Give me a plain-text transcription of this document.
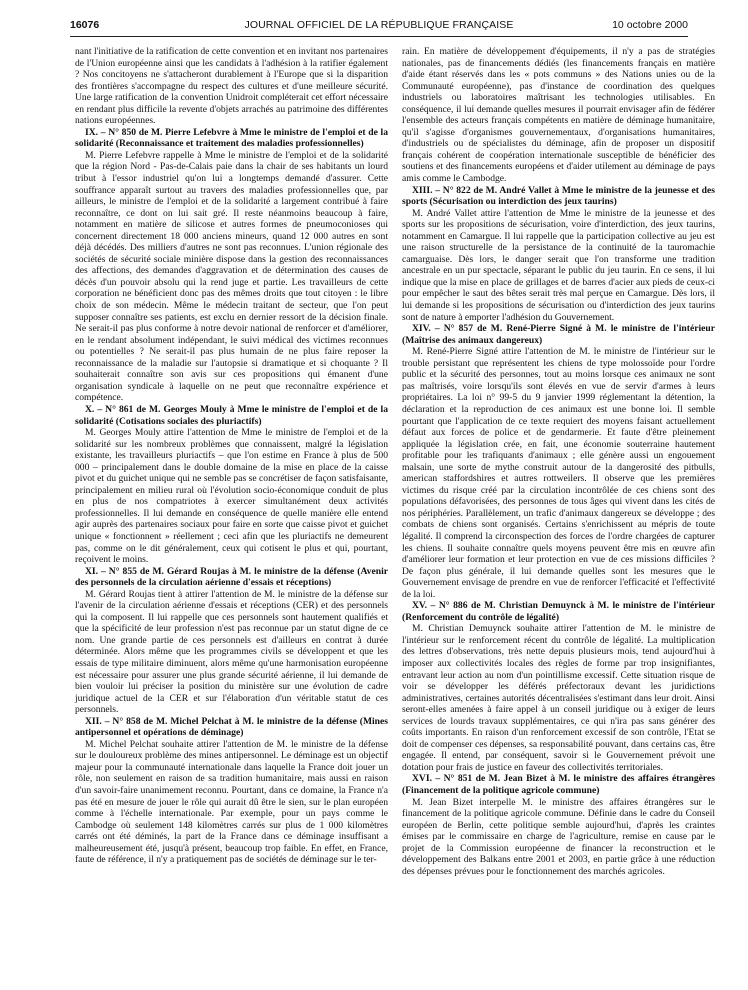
16076	JOURNAL OFFICIEL DE LA RÉPUBLIQUE FRANÇAISE	10 octobre 2000

nant l'initiative de la ratification de cette convention et en invitant nos partenaires de l'Union européenne ainsi que les candidats à l'adhésion à la ratifier également ? Nos concitoyens ne s'attacheront durablement à l'Europe que si la disparition des frontières s'accompagne du respect des cultures et d'une meilleure sécurité. Une large ratification de la convention Unidroit compléterait cet effort nécessaire en rendant plus difficile la revente d'objets arrachés au patrimoine des différentes nations européennes.

IX. – N° 850 de M. Pierre Lefebvre à Mme le ministre de l'emploi et de la solidarité (Reconnaissance et traitement des maladies professionnelles)

M. Pierre Lefebvre rappelle à Mme le ministre de l'emploi et de la solidarité que la région Nord - Pas-de-Calais paie dans la chair de ses habitants un lourd tribut à l'essor industriel qu'on lui a longtemps demandé d'assurer. Cette souffrance apparaît surtout au travers des maladies professionnelles que, par ailleurs, le ministre de l'emploi et de la solidarité a largement contribué à faire reconnaître, ce dont on lui sait gré. Il reste néanmoins beaucoup à faire, notamment en matière de silicose et autres formes de pneumoconioses qui concernent directement 18 000 anciens mineurs, quand 12 000 autres en sont déjà décédés. Des milliers d'autres ne sont pas reconnues. L'union régionale des sociétés de sécurité sociale minière dispose dans la gestion des reconnaissances des affections, des demandes d'aggravation et de détermination des causes de décès d'un pouvoir absolu qui la rend juge et partie. Les travailleurs de cette corporation ne bénéficient donc pas des mêmes droits que tout citoyen : le libre choix de son médecin. Même le médecin traitant de secteur, que l'on peut supposer connaître ses patients, est exclu en dernier ressort de la décision finale. Ne serait-il pas plus conforme à notre devoir national de renforcer et d'améliorer, en le rendant absolument indépendant, le suivi médical des victimes reconnues ou potentielles ? Ne serait-il pas plus humain de ne plus faire reposer la reconnaissance de la maladie sur l'autopsie si dramatique et si choquante ? Il souhaiterait connaître son avis sur ces propositions qui émanent d'une organisation syndicale à laquelle on ne peut que reconnaître expérience et compétence.

X. – N° 861 de M. Georges Mouly à Mme le ministre de l'emploi et de la solidarité (Cotisations sociales des pluriactifs)

M. Georges Mouly attire l'attention de Mme le ministre de l'emploi et de la solidarité sur les nombreux problèmes que connaissent, malgré la législation existante, les travailleurs pluriactifs – que l'on estime en France à plus de 500 000 – principalement dans le double domaine de la mise en place de la caisse pivot et du guichet unique qui ne semble pas se concrétiser de façon satisfaisante, principalement en milieu rural où l'évolution socio-économique conduit de plus en plus de nos compatriotes à exercer simultanément deux activités professionnelles. Il lui demande en conséquence de quelle manière elle entend agir auprès des partenaires sociaux pour faire en sorte que caisse pivot et guichet unique « fonctionnent » réellement ; ceci afin que les pluriactifs ne demeurent pas, comme on le dit généralement, ceux qui cotisent le plus et qui, pourtant, reçoivent le moins.

XI. – N° 855 de M. Gérard Roujas à M. le ministre de la défense (Avenir des personnels de la circulation aérienne d'essais et réceptions)

M. Gérard Roujas tient à attirer l'attention de M. le ministre de la défense sur l'avenir de la circulation aérienne d'essais et réceptions (CER) et des personnels qui la composent. Il lui rappelle que ces personnels sont hautement qualifiés et que la spécificité de leur profession n'est pas reconnue par un statut digne de ce nom. Une grande partie de ces personnels est d'ailleurs en contrat à durée déterminée. Alors même que les programmes civils se développent et que les essais de type militaire diminuent, alors même qu'une harmonisation européenne est nécessaire pour assurer une plus grande sécurité aérienne, il lui demande de bien vouloir lui préciser la position du ministère sur une évolution de cadre juridique actuel de la CER et sur l'élaboration d'un véritable statut de ces personnels.

XII. – N° 858 de M. Michel Pelchat à M. le ministre de la défense (Mines antipersonnel et opérations de déminage)

M. Michel Pelchat souhaite attirer l'attention de M. le ministre de la défense sur le douloureux problème des mines antipersonnel. Le déminage est un objectif majeur pour la communauté internationale dans laquelle la France doit jouer un rôle, non seulement en raison de sa tradition humanitaire, mais aussi en raison d'un savoir-faire unanimement reconnu. Pourtant, dans ce domaine, la France n'a pas été en mesure de jouer le rôle qui aurait dû être le sien, sur le plan européen comme à l'échelle internationale. Par exemple, pour un pays comme le Cambodge où seulement 148 kilomètres carrés sur plus de 1 000 kilomètres carrés ont été déminés, la part de la France dans ce déminage insuffisant a malheureusement été, jusqu'à présent, beaucoup trop faible. En effet, en France, faute de référence, il n'y a pratiquement pas de sociétés de déminage sur le ter-

rain. En matière de développement d'équipements, il n'y a pas de stratégies nationales, pas de financements dédiés (les financements français en matière d'aide étant réservés dans les « pots communs » des Nations unies ou de la Communauté européenne), pas d'instance de coordination des quelques industriels ou laboratoires maîtrisant les technologies utilisables. En conséquence, il lui demande quelles mesures il pourrait envisager afin de fédérer l'ensemble des acteurs français compétents en matière de déminage humanitaire, qu'il s'agisse d'organismes gouvernementaux, d'organisations humanitaires, d'industriels ou de spécialistes du déminage, afin de proposer un dispositif français cohérent de coopération internationale susceptible de bénéficier des soutiens et des financements européens et d'aider utilement au déminage de pays amis comme le Cambodge.

XIII. – N° 822 de M. André Vallet à Mme le ministre de la jeunesse et des sports (Sécurisation ou interdiction des jeux taurins)

M. André Vallet attire l'attention de Mme le ministre de la jeunesse et des sports sur les propositions de sécurisation, voire d'interdiction, des jeux taurins, notamment en Camargue. Il lui rappelle que la participation collective au jeu est une raison structurelle de la persistance de la continuité de la tauromachie camarguaise. Dès lors, le danger serait que l'on transforme une tradition ancestrale en un pur spectacle, séparant le public du jeu taurin. En ce sens, il lui indique que la mise en place de grillages et de barres d'acier aux pieds de ceux-ci pour empêcher le saut des bêtes serait très mal perçue en Camargue. Dès lors, il lui demande si les propositions de sécurisation ou d'interdiction des jeux taurins sont de nature à emporter l'adhésion du Gouvernement.

XIV. – N° 857 de M. René-Pierre Signé à M. le ministre de l'intérieur (Maîtrise des animaux dangereux)

M. René-Pierre Signé attire l'attention de M. le ministre de l'intérieur sur le trouble persistant que représentent les chiens de type molossoïde pour l'ordre public et la sécurité des personnes, tout au moins lorsque ces animaux ne sont pas maîtrisés, voire lorsqu'ils sont élevés en vue de servir d'armes à leurs propriétaires. La loi n° 99-5 du 9 janvier 1999 réglementant la détention, la déclaration et la reproduction de ces animaux est une bonne loi. Il semble pourtant que l'application de ce texte requiert des moyens faisant actuellement défaut aux forces de police et de gendarmerie. Et faute d'être pleinement appliquée la législation crée, en fait, une économie souterraine hautement profitable pour les trafiquants d'animaux ; elle génère aussi un engouement malsain, une sorte de mythe construit autour de la dangerosité des pitbulls, american staffordshires et autres rottweilers. Il observe que les premières victimes du risque créé par la circulation incontrôlée de ces chiens sont des populations défavorisées, des personnes de tous âges qui vivent dans les cités de nos périphéries. Parallèlement, un trafic d'animaux dangereux se développe ; des combats de chiens sont organisés. Certains s'enrichissent au mépris de toute légalité. Il comprend la circonspection des forces de l'ordre chargées de capturer les chiens. Il souhaite connaître quels moyens peuvent être mis en œuvre afin d'améliorer leur formation et leur protection en vue de ces missions difficiles ? De façon plus générale, il lui demande quelles sont les mesures que le Gouvernement envisage de prendre en vue de renforcer l'efficacité et l'effectivité de la loi.

XV. – N° 886 de M. Christian Demuynck à M. le ministre de l'intérieur (Renforcement du contrôle de légalité)

M. Christian Demuynck souhaite attirer l'attention de M. le ministre de l'intérieur sur le renforcement récent du contrôle de légalité. La multiplication des lettres d'observations, très nette depuis plusieurs mois, tend aujourd'hui à imposer aux collectivités locales des règles de forme par trop insignifiantes, entravant leur action au nom d'un pointillisme excessif. Cette situation risque de voir se développer les déférés préfectoraux devant les juridictions administratives, certaines autorités décentralisées s'estimant dans leur droit. Ainsi seront-elles amenées à faire appel à un conseil juridique ou à exiger de leurs services de lourds travaux supplémentaires, ce qui n'ira pas sans générer des coûts importants. En raison d'un renforcement excessif de son contrôle, l'Etat se doit de compenser ces dépenses, sa responsabilité pouvant, dans certains cas, être engagée. Il entend, par conséquent, savoir si le Gouvernement prévoit une dotation pour frais de justice en faveur des collectivités territoriales.

XVI. – N° 851 de M. Jean Bizet à M. le ministre des affaires étrangères (Financement de la politique agricole commune)

M. Jean Bizet interpelle M. le ministre des affaires étrangères sur le financement de la politique agricole commune. Définie dans le cadre du Conseil européen de Berlin, cette politique semble aujourd'hui, d'après les craintes émises par le commissaire en charge de l'agriculture, remise en cause par le projet de la Commission européenne de financer la reconstruction et le développement des Balkans entre 2001 et 2003, en partie grâce à une réduction des dépenses prévues pour le fonctionnement des marchés agricoles.
